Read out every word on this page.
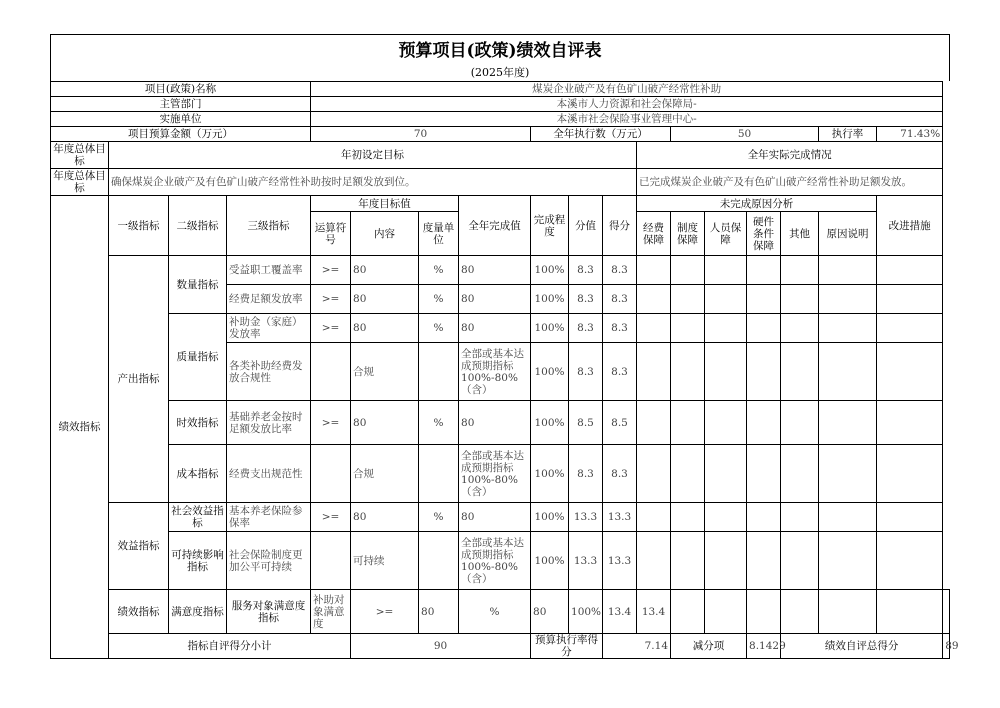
预算项目(政策)绩效自评表
(2025年度)
项目(政策)名称				煤炭企业破产及有色矿山破产经常性补助														
主管部门				本溪市人力资源和社会保障局-														
实施单位				本溪市社会保险事业管理中心-														
项目预算金额（万元）				70				全年执行数（万元）				50				执行率	71.43%	
年度总体目标	年初设定目标										全年实际完成情况							
年度总体目标	确保煤炭企业破产及有色矿山破产经常性补助按时足额发放到位。										已完成煤炭企业破产及有色矿山破产经常性补助足额发放。							
绩效指标	一级指标	二级指标	三级指标	年度目标值			全年完成值	完成程度	分值	得分	未完成原因分析						改进措施	
				运算符号	内容	度量单位					经费保障	制度保障	人员保障	硬件条件保障	其他	原因说明		
	产出指标	数量指标	受益职工覆盖率	>=	80	%	80	100%	8.3	8.3								
			经费足额发放率	>=	80	%	80	100%	8.3	8.3								
		质量指标	补助金（家庭）发放率	>=	80	%	80	100%	8.3	8.3								
			各类补助经费发放合规性		合规		全部或基本达成预期指标100%-80%（含）	100%	8.3	8.3								
		时效指标	基础养老金按时足额发放比率	>=	80	%	80	100%	8.5	8.5								
		成本指标	经费支出规范性		合规		全部或基本达成预期指标100%-80%（含）	100%	8.3	8.3								
	效益指标	社会效益指标	基本养老保险参保率	>=	80	%	80	100%	13.3	13.3								
		可持续影响指标	社会保险制度更加公平可持续		可持续		全部或基本达成预期指标100%-80%（含）	100%	13.3	13.3								
	绩效指标	满意度指标	服务对象满意度指标	补助对象满意度	>=	80	%	80	100%	13.4	13.4							
	指标自评得分小计				90			预算执行率得分		7.14		减分项		8.1429	绩效自评总得分			89
